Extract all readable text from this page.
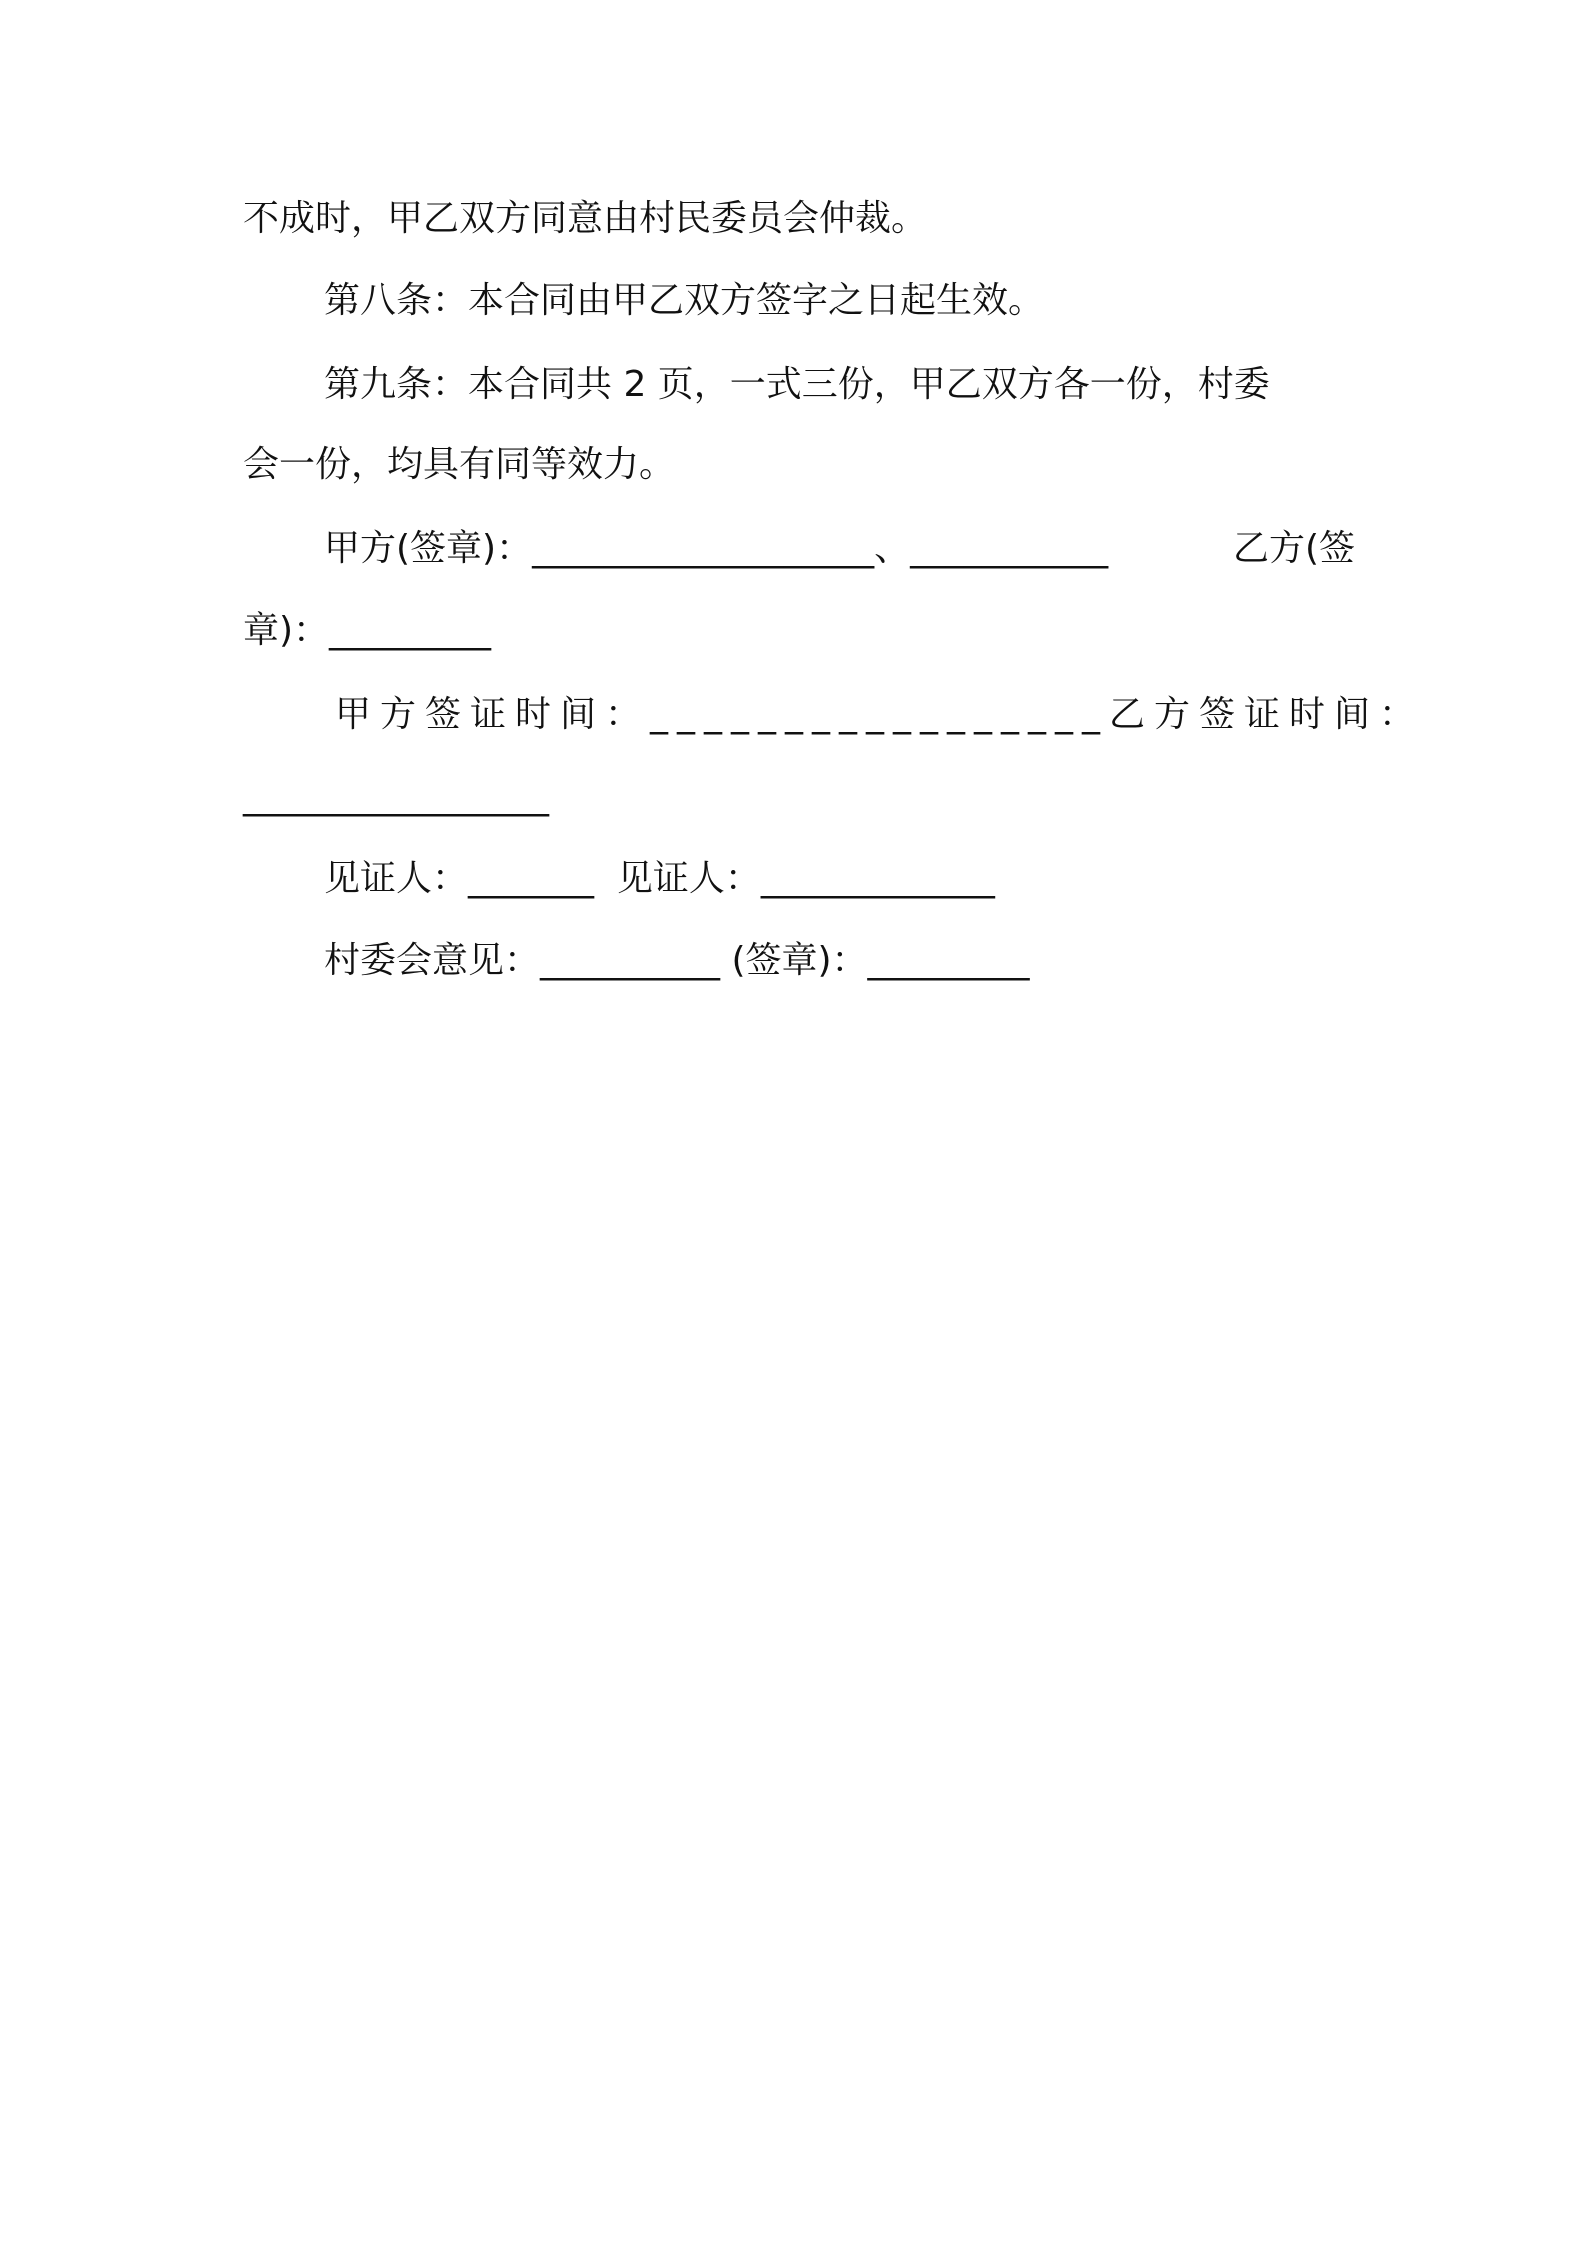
不成时，甲乙双方同意由村民委员会仲裁。
第八条：本合同由甲乙双方签字之日起生效。
第九条：本合同共 2 页，一式三份，甲乙双方各一份，村委
会一份，均具有同等效力。
甲方(签章)：___________________、___________	乙方(签
章)：_________
甲方签证时间：_________________ 乙方签证时间：
_________________
见证人：_______  见证人：_____________
村委会意见：__________ (签章)：_________
